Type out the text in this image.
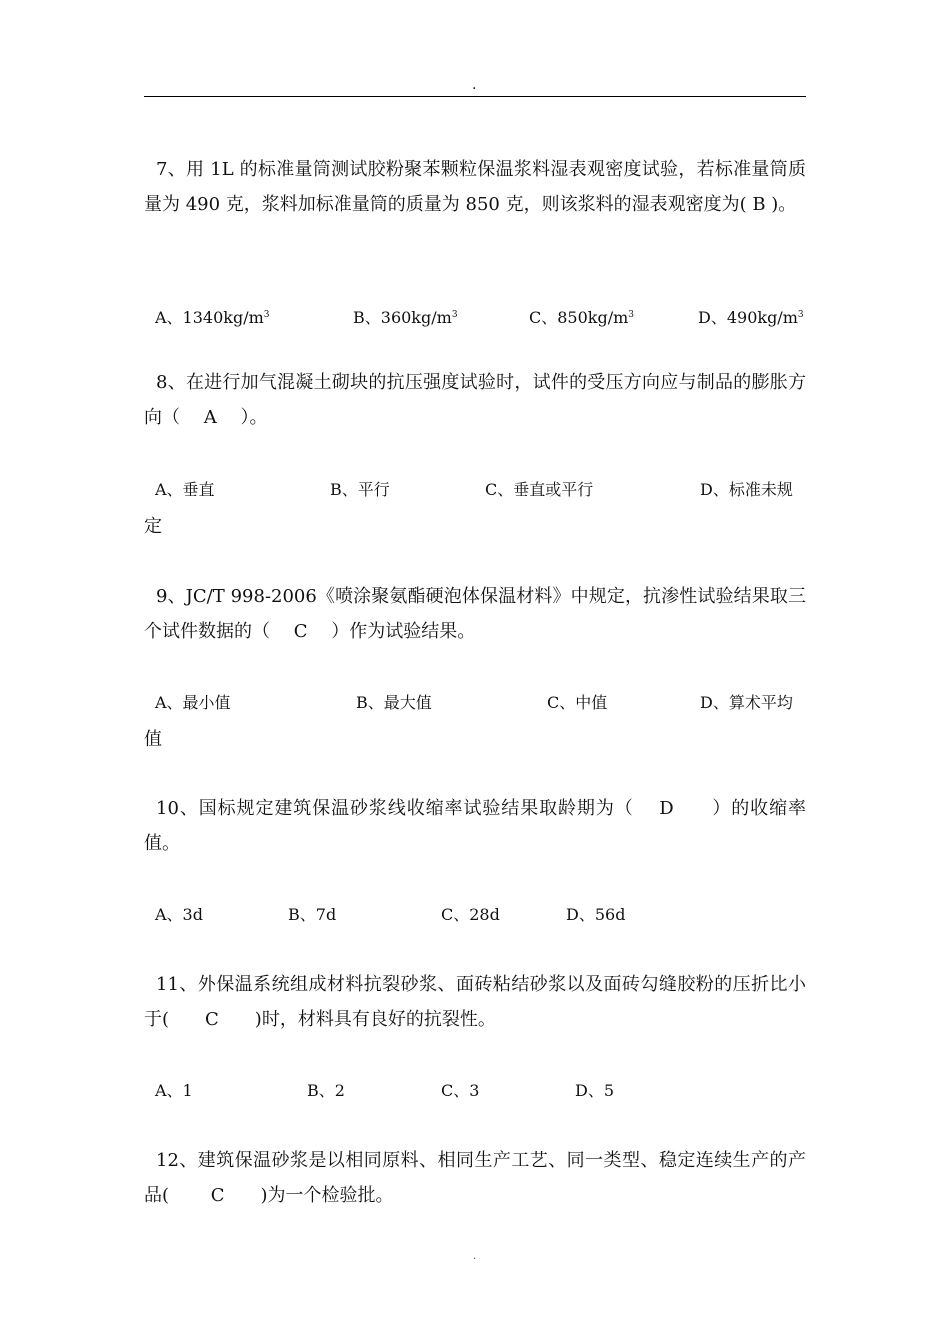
.

7、用 1L 的标准量筒测试胶粉聚苯颗粒保温浆料湿表观密度试验，若标准量筒质量为 490 克，浆料加标准量筒的质量为 850 克，则该浆料的湿表观密度为( B )。

A、$1340kg/m^3$	B、$360kg/m^3$	C、$850kg/m^3$	D、$490kg/m^3$

8、在进行加气混凝土砌块的抗压强度试验时，试件的受压方向应与制品的膨胀方向（　 A　 ）。

A、垂直	B、平行	C、垂直或平行	D、标准未规
定

9、JC/T 998-2006《喷涂聚氨酯硬泡体保温材料》中规定，抗渗性试验结果取三个试件数据的（　 C　 ）作为试验结果。

A、最小值	B、最大值	C、中值	D、算术平均
值

10、国标规定建筑保温砂浆线收缩率试验结果取龄期为（　 D　　）的收缩率值。

A、3d	B、7d	C、28d	D、56d

11、外保温系统组成材料抗裂砂浆、面砖粘结砂浆以及面砖勾缝胶粉的压折比小于(　　C　　)时，材料具有良好的抗裂性。

A、1	B、2	C、3	D、5

12、建筑保温砂浆是以相同原料、相同生产工艺、同一类型、稳定连续生产的产品(　　 C　　)为一个检验批。

.
